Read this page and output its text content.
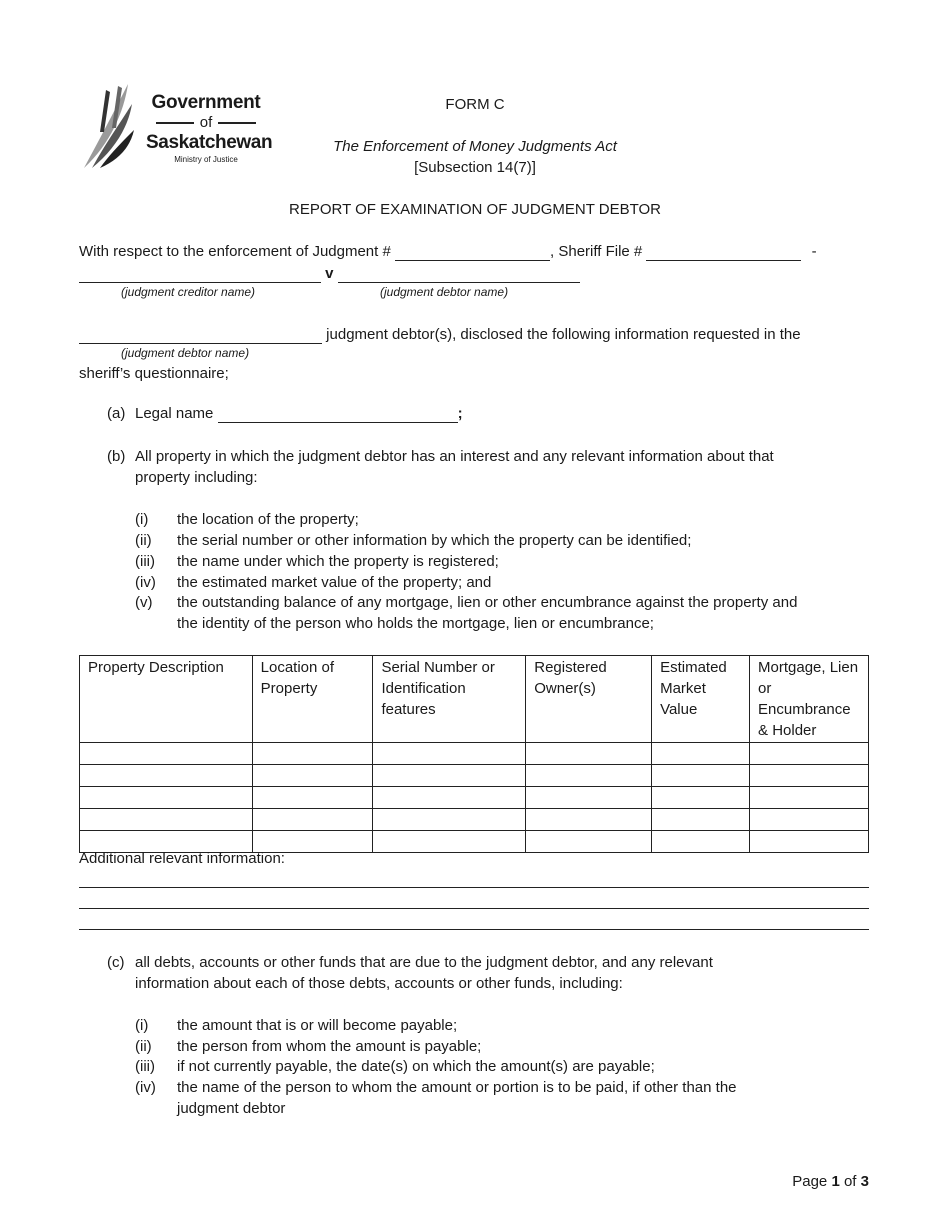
Government
of
Saskatchewan
Ministry of Justice
FORM C
The Enforcement of Money Judgments Act
[Subsection 14(7)]
REPORT OF EXAMINATION OF JUDGMENT DEBTOR
With respect to the enforcement of Judgment #	, Sheriff File #	-
v
(judgment creditor name)	(judgment debtor name)
judgment debtor(s), disclosed the following information requested in the
(judgment debtor name)
sheriff’s questionnaire;
(a) Legal name	;
(b) All property in which the judgment debtor has an interest and any relevant information about that
property including:
(i) the location of the property;
(ii) the serial number or other information by which the property can be identified;
(iii) the name under which the property is registered;
(iv) the estimated market value of the property; and
(v) the outstanding balance of any mortgage, lien or other encumbrance against the property and
the identity of the person who holds the mortgage, lien or encumbrance;
Property Description	Location of Property	Serial Number or Identification features	Registered Owner(s)	Estimated Market Value	Mortgage, Lien or Encumbrance & Holder

Additional relevant information:
(c) all debts, accounts or other funds that are due to the judgment debtor, and any relevant
information about each of those debts, accounts or other funds, including:
(i) the amount that is or will become payable;
(ii) the person from whom the amount is payable;
(iii) if not currently payable, the date(s) on which the amount(s) are payable;
(iv) the name of the person to whom the amount or portion is to be paid, if other than the
judgment debtor
Page 1 of 3
